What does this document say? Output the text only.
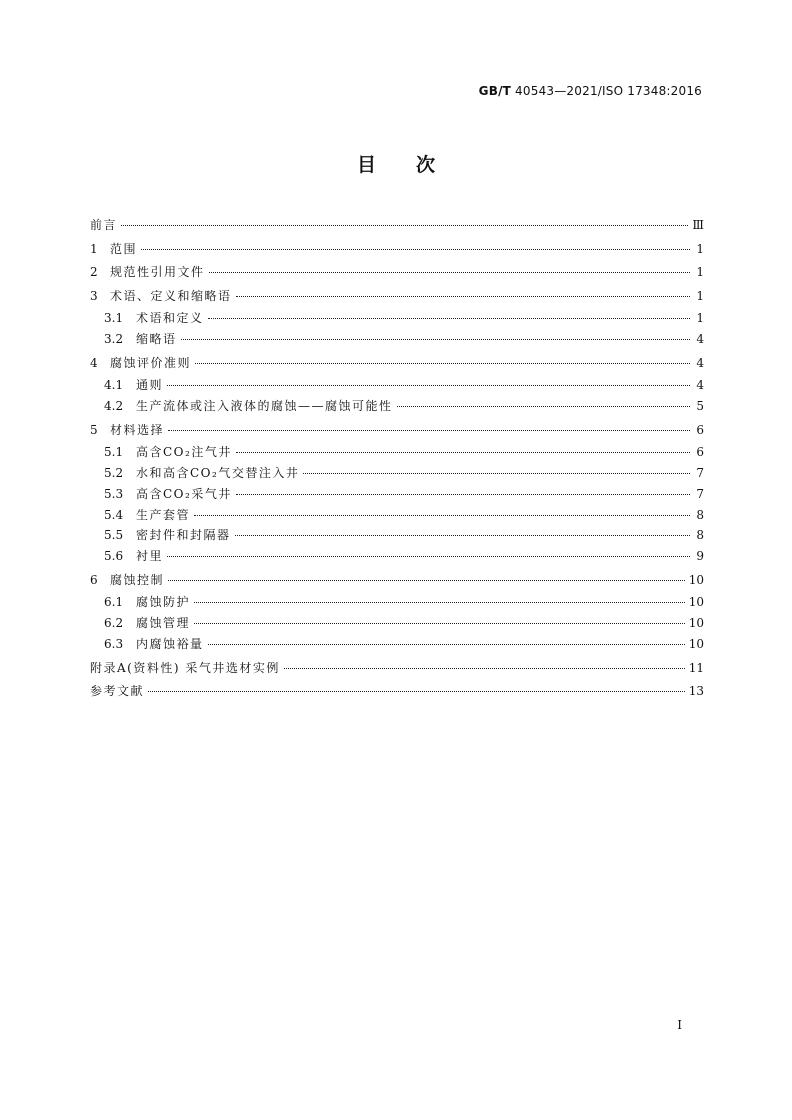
GB/T 40543—2021/ISO 17348:2016
目次
前言	Ⅲ
1	范围	1
2	规范性引用文件	1
3	术语、定义和缩略语	1
3.1	术语和定义	1
3.2	缩略语	4
4	腐蚀评价准则	4
4.1	通则	4
4.2	生产流体或注入液体的腐蚀——腐蚀可能性	5
5	材料选择	6
5.1	高含CO₂注气井	6
5.2	水和高含CO₂气交替注入井	7
5.3	高含CO₂采气井	7
5.4	生产套管	8
5.5	密封件和封隔器	8
5.6	衬里	9
6	腐蚀控制	10
6.1	腐蚀防护	10
6.2	腐蚀管理	10
6.3	内腐蚀裕量	10
附录A(资料性) 采气井选材实例	11
参考文献	13
I
